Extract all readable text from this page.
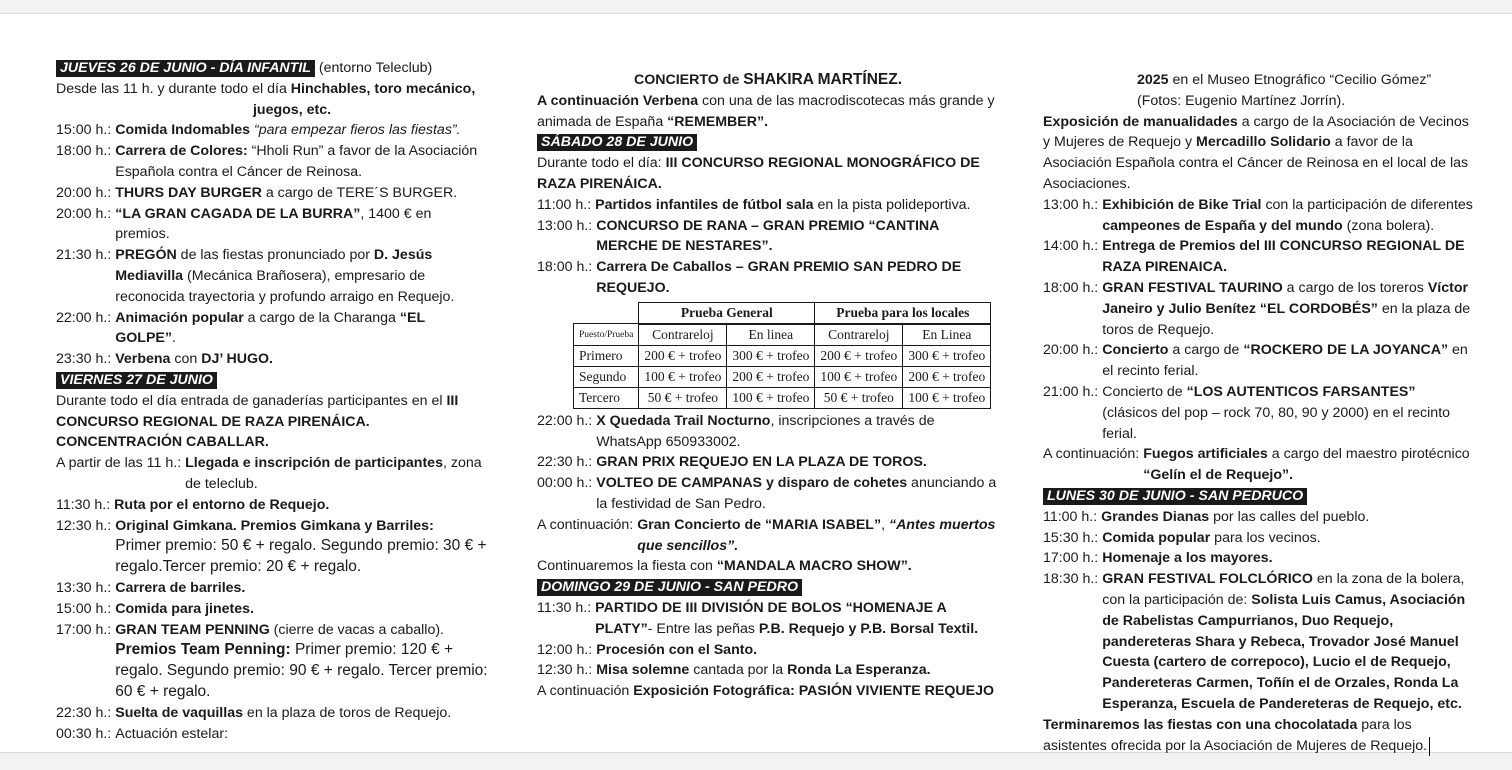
JUEVES 26 DE JUNIO - DÍA INFANTIL (entorno Teleclub)
Desde las 11 h. y durante todo el día Hinchables, toro mecánico,
juegos, etc.
15:00 h.: Comida Indomables “para empezar fieros las fiestas”.
18:00 h.: Carrera de Colores: “Hholi Run” a favor de la Asociación Española contra el Cáncer de Reinosa.
20:00 h.: THURS DAY BURGER a cargo de TERE´S BURGER.
20:00 h.: “LA GRAN CAGADA DE LA BURRA”, 1400 € en premios.
21:30 h.: PREGÓN de las fiestas pronunciado por D. Jesús Mediavilla (Mecánica Brañosera), empresario de reconocida trayectoria y profundo arraigo en Requejo.
22:00 h.: Animación popular a cargo de la Charanga “EL GOLPE”.
23:30 h.: Verbena con DJ’ HUGO.
VIERNES 27 DE JUNIO
Durante todo el día entrada de ganaderías participantes en el III CONCURSO REGIONAL DE RAZA PIRENÁICA.
CONCENTRACIÓN CABALLAR.
A partir de las 11 h.: Llegada e inscripción de participantes, zona de teleclub.
11:30 h.: Ruta por el entorno de Requejo.
12:30 h.: Original Gimkana. Premios Gimkana y Barriles:
Primer premio: 50 € + regalo. Segundo premio: 30 € + regalo.Tercer premio: 20 € + regalo.
13:30 h.: Carrera de barriles.
15:00 h.: Comida para jinetes.
17:00 h.: GRAN TEAM PENNING (cierre de vacas a caballo).
Premios Team Penning: Primer premio: 120 € + regalo. Segundo premio: 90 € + regalo. Tercer premio: 60 € + regalo.
22:30 h.: Suelta de vaquillas en la plaza de toros de Requejo.
00:30 h.: Actuación estelar:
CONCIERTO de SHAKIRA MARTÍNEZ.
A continuación Verbena con una de las macrodiscotecas más grande y animada de España “REMEMBER”.
SÁBADO 28 DE JUNIO
Durante todo el día: III CONCURSO REGIONAL MONOGRÁFICO DE RAZA PIRENÁICA.
11:00 h.: Partidos infantiles de fútbol sala en la pista polideportiva.
13:00 h.: CONCURSO DE RANA – GRAN PREMIO “CANTINA MERCHE DE NESTARES”.
18:00 h.: Carrera De Caballos – GRAN PREMIO SAN PEDRO DE REQUEJO.
	Prueba General		Prueba para los locales	
Puesto/Prueba	Contrareloj	En linea	Contrareloj	En Linea
Primero	200 € + trofeo	300 € + trofeo	200 € + trofeo	300 € + trofeo
Segundo	100 € + trofeo	200 € + trofeo	100 € + trofeo	200 € + trofeo
Tercero	50 € + trofeo	100 € + trofeo	50 € + trofeo	100 € + trofeo
22:00 h.: X Quedada Trail Nocturno, inscripciones a través de WhatsApp 650933002.
22:30 h.: GRAN PRIX REQUEJO EN LA PLAZA DE TOROS.
00:00 h.: VOLTEO DE CAMPANAS y disparo de cohetes anunciando a la festividad de San Pedro.
A continuación: Gran Concierto de “MARIA ISABEL”, “Antes muertos que sencillos”.
Continuaremos la fiesta con “MANDALA MACRO SHOW”.
DOMINGO 29 DE JUNIO - SAN PEDRO
11:30 h.: PARTIDO DE III DIVISIÓN DE BOLOS “HOMENAJE A PLATY”- Entre las peñas P.B. Requejo y P.B. Borsal Textil.
12:00 h.: Procesión con el Santo.
12:30 h.: Misa solemne cantada por la Ronda La Esperanza.
A continuación Exposición Fotográfica: PASIÓN VIVIENTE REQUEJO
2025 en el Museo Etnográfico “Cecilio Gómez” (Fotos: Eugenio Martínez Jorrín).
Exposición de manualidades a cargo de la Asociación de Vecinos y Mujeres de Requejo y Mercadillo Solidario a favor de la Asociación Española contra el Cáncer de Reinosa en el local de las Asociaciones.
13:00 h.: Exhibición de Bike Trial con la participación de diferentes campeones de España y del mundo (zona bolera).
14:00 h.: Entrega de Premios del III CONCURSO REGIONAL DE RAZA PIRENAICA.
18:00 h.: GRAN FESTIVAL TAURINO a cargo de los toreros Víctor Janeiro y Julio Benítez “EL CORDOBÉS” en la plaza de toros de Requejo.
20:00 h.: Concierto a cargo de “ROCKERO DE LA JOYANCA” en el recinto ferial.
21:00 h.: Concierto de “LOS AUTENTICOS FARSANTES” (clásicos del pop – rock 70, 80, 90 y 2000) en el recinto ferial.
A continuación: Fuegos artificiales a cargo del maestro pirotécnico “Gelín el de Requejo”.
LUNES 30 DE JUNIO - SAN PEDRUCO
11:00 h.: Grandes Dianas por las calles del pueblo.
15:30 h.: Comida popular para los vecinos.
17:00 h.: Homenaje a los mayores.
18:30 h.: GRAN FESTIVAL FOLCLÓRICO en la zona de la bolera, con la participación de: Solista Luis Camus, Asociación de Rabelistas Campurrianos, Duo Requejo, pandereteras Shara y Rebeca, Trovador José Manuel Cuesta (cartero de correpoco), Lucio el de Requejo, Pandereteras Carmen, Toñín el de Orzales, Ronda La Esperanza, Escuela de Pandereteras de Requejo, etc.
Terminaremos las fiestas con una chocolatada para los asistentes ofrecida por la Asociación de Mujeres de Requejo.
